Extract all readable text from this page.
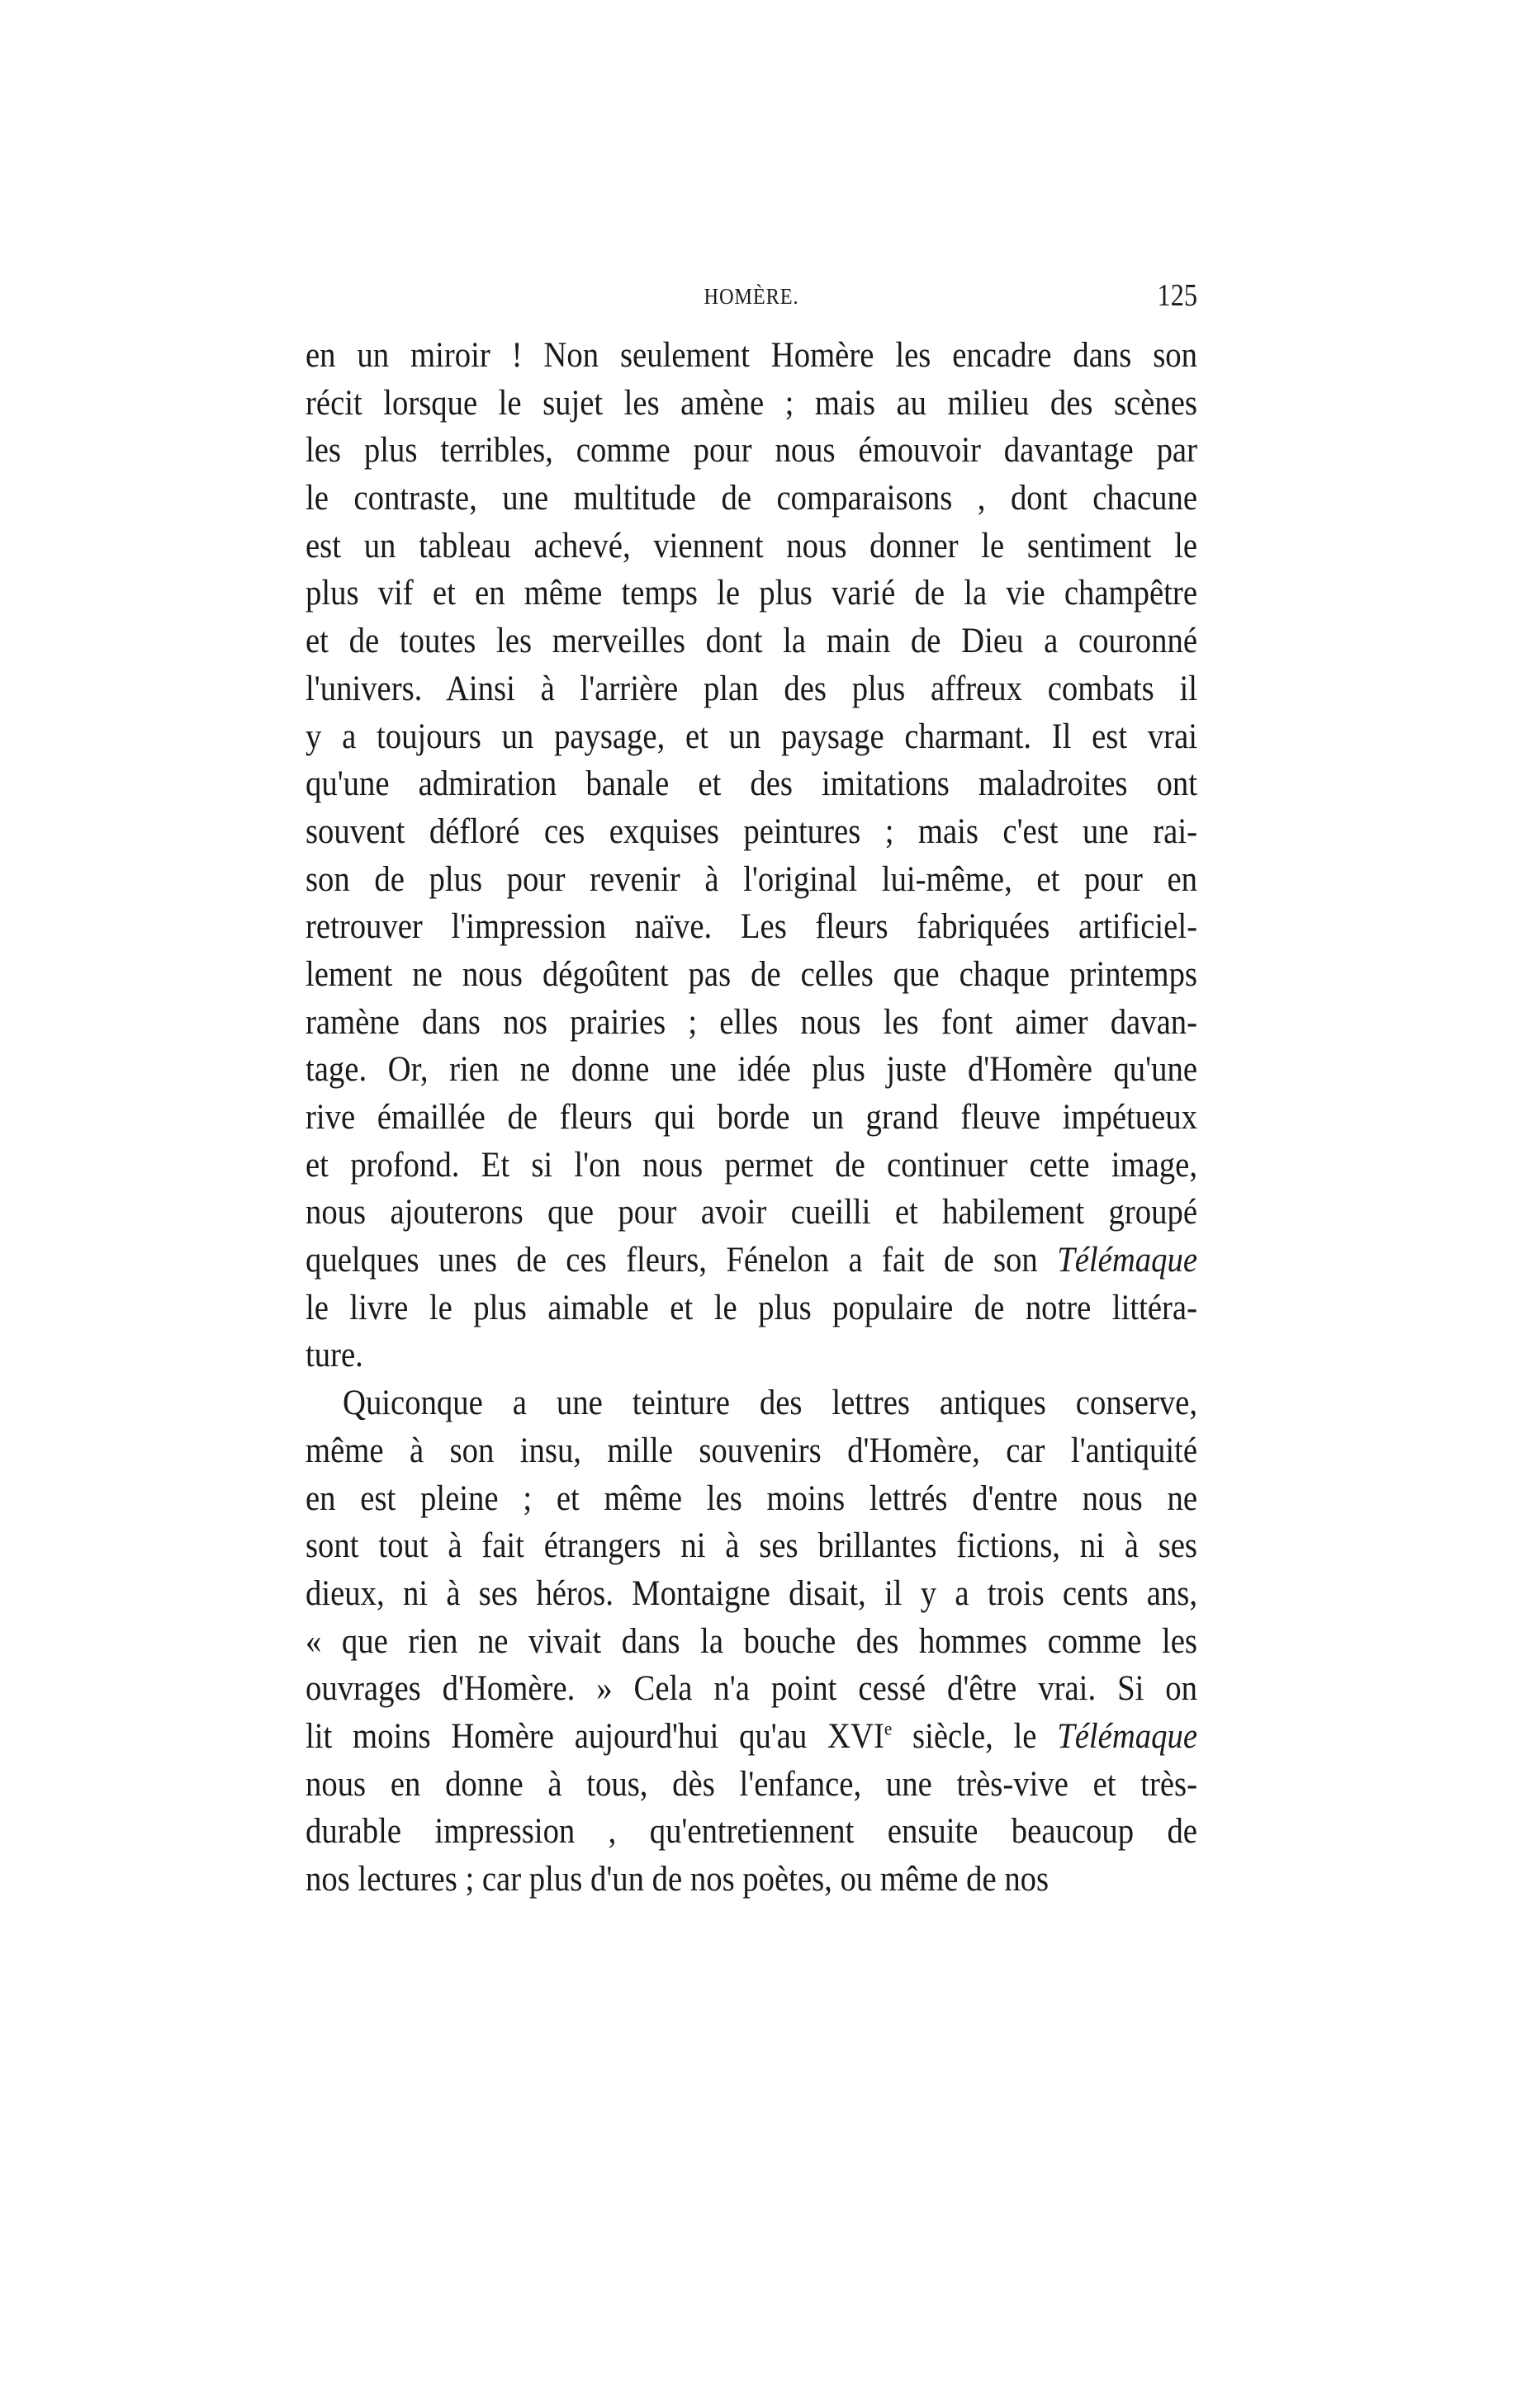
HOMÈRE.	125
en un miroir ! Non seulement Homère les encadre dans son
récit lorsque le sujet les amène ; mais au milieu des scènes
les plus terribles, comme pour nous émouvoir davantage par
le contraste, une multitude de comparaisons , dont chacune
est un tableau achevé, viennent nous donner le sentiment le
plus vif et en même temps le plus varié de la vie champêtre
et de toutes les merveilles dont la main de Dieu a couronné
l'univers. Ainsi à l'arrière plan des plus affreux combats il
y a toujours un paysage, et un paysage charmant. Il est vrai
qu'une admiration banale et des imitations maladroites ont
souvent défloré ces exquises peintures ; mais c'est une rai-
son de plus pour revenir à l'original lui-même, et pour en
retrouver l'impression naïve. Les fleurs fabriquées artificiel-
lement ne nous dégoûtent pas de celles que chaque printemps
ramène dans nos prairies ; elles nous les font aimer davan-
tage. Or, rien ne donne une idée plus juste d'Homère qu'une
rive émaillée de fleurs qui borde un grand fleuve impétueux
et profond. Et si l'on nous permet de continuer cette image,
nous ajouterons que pour avoir cueilli et habilement groupé
quelques unes de ces fleurs, Fénelon a fait de son Télémaque
le livre le plus aimable et le plus populaire de notre littéra-
ture.
Quiconque a une teinture des lettres antiques conserve,
même à son insu, mille souvenirs d'Homère, car l'antiquité
en est pleine ; et même les moins lettrés d'entre nous ne
sont tout à fait étrangers ni à ses brillantes fictions, ni à ses
dieux, ni à ses héros. Montaigne disait, il y a trois cents ans,
« que rien ne vivait dans la bouche des hommes comme les
ouvrages d'Homère. » Cela n'a point cessé d'être vrai. Si on
lit moins Homère aujourd'hui qu'au XVIe siècle, le Télémaque
nous en donne à tous, dès l'enfance, une très-vive et très-
durable impression , qu'entretiennent ensuite beaucoup de
nos lectures ; car plus d'un de nos poètes, ou même de nos
